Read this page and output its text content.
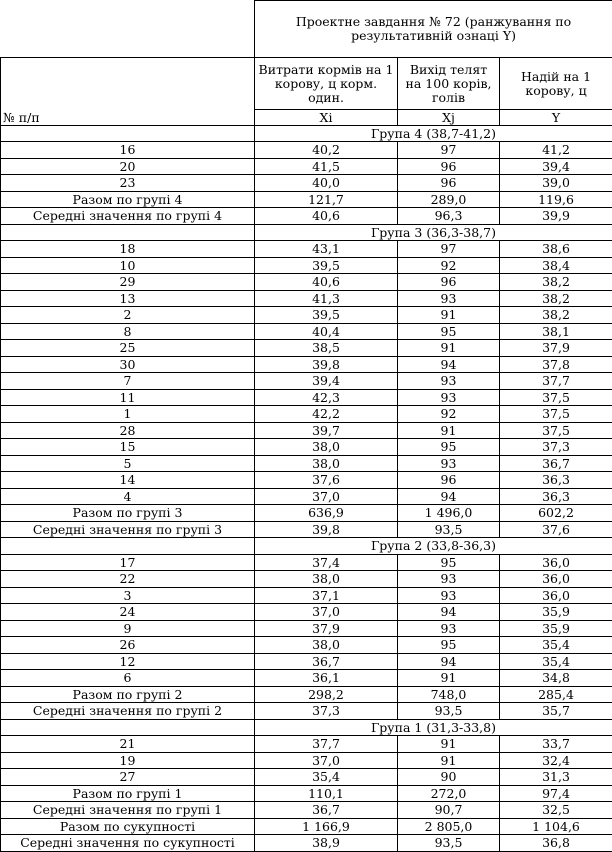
	Проектне завдання № 72 (ранжування по результативній ознаці Y)		
№ п/п	Витрати кормів на 1 корову, ц корм. один.	Вихід телят на 100 корів, голів	Надій на 1 корову, ц
	Xi	Xj	Y
	Група 4 (38,7-41,2)		
16	40,2	97	41,2
20	41,5	96	39,4
23	40,0	96	39,0
Разом по групі 4	121,7	289,0	119,6
Середні значення по групі 4	40,6	96,3	39,9
	Група 3 (36,3-38,7)		
18	43,1	97	38,6
10	39,5	92	38,4
29	40,6	96	38,2
13	41,3	93	38,2
2	39,5	91	38,2
8	40,4	95	38,1
25	38,5	91	37,9
30	39,8	94	37,8
7	39,4	93	37,7
11	42,3	93	37,5
1	42,2	92	37,5
28	39,7	91	37,5
15	38,0	95	37,3
5	38,0	93	36,7
14	37,6	96	36,3
4	37,0	94	36,3
Разом по групі 3	636,9	1 496,0	602,2
Середні значення по групі 3	39,8	93,5	37,6
	Група 2 (33,8-36,3)		
17	37,4	95	36,0
22	38,0	93	36,0
3	37,1	93	36,0
24	37,0	94	35,9
9	37,9	93	35,9
26	38,0	95	35,4
12	36,7	94	35,4
6	36,1	91	34,8
Разом по групі 2	298,2	748,0	285,4
Середні значення по групі 2	37,3	93,5	35,7
	Група 1 (31,3-33,8)		
21	37,7	91	33,7
19	37,0	91	32,4
27	35,4	90	31,3
Разом по групі 1	110,1	272,0	97,4
Середні значення по групі 1	36,7	90,7	32,5
Разом по сукупності	1 166,9	2 805,0	1 104,6
Середні значення по сукупності	38,9	93,5	36,8
